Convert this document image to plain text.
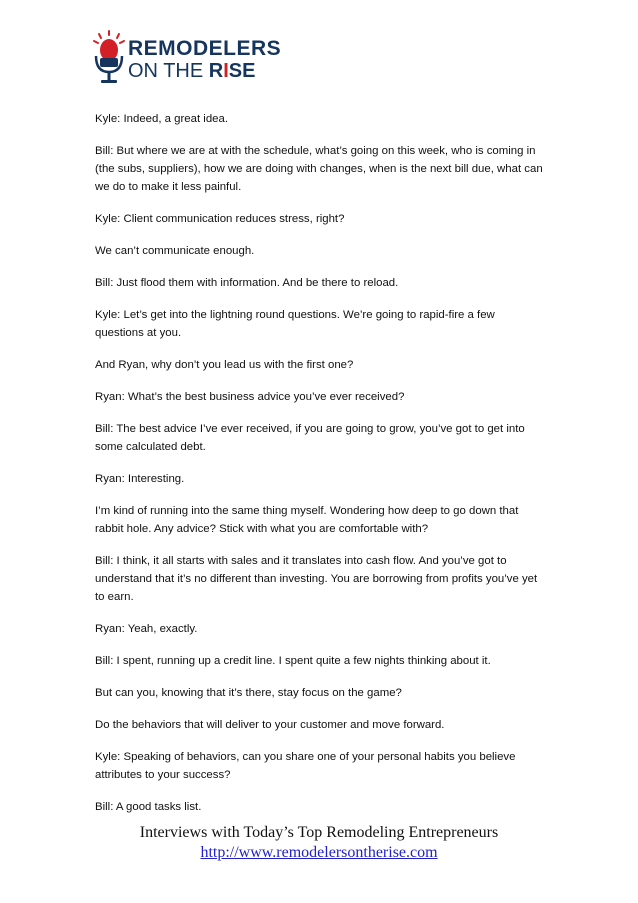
REMODELERS
ON THE RISE

Kyle: Indeed, a great idea.

Bill: But where we are at with the schedule, what’s going on this week, who is coming in (the subs, suppliers), how we are doing with changes, when is the next bill due, what can we do to make it less painful.

Kyle: Client communication reduces stress, right?

We can’t communicate enough.

Bill: Just flood them with information. And be there to reload.

Kyle: Let’s get into the lightning round questions. We’re going to rapid-fire a few questions at you.

And Ryan, why don’t you lead us with the first one?

Ryan: What’s the best business advice you’ve ever received?

Bill: The best advice I’ve ever received, if you are going to grow, you’ve got to get into some calculated debt.

Ryan: Interesting.

I’m kind of running into the same thing myself. Wondering how deep to go down that rabbit hole. Any advice? Stick with what you are comfortable with?

Bill: I think, it all starts with sales and it translates into cash flow. And you’ve got to understand that it’s no different than investing. You are borrowing from profits you’ve yet to earn.

Ryan: Yeah, exactly.

Bill: I spent, running up a credit line. I spent quite a few nights thinking about it.

But can you, knowing that it’s there, stay focus on the game?

Do the behaviors that will deliver to your customer and move forward.

Kyle: Speaking of behaviors, can you share one of your personal habits you believe attributes to your success?

Bill: A good tasks list.

Interviews with Today’s Top Remodeling Entrepreneurs
http://www.remodelersontherise.com
